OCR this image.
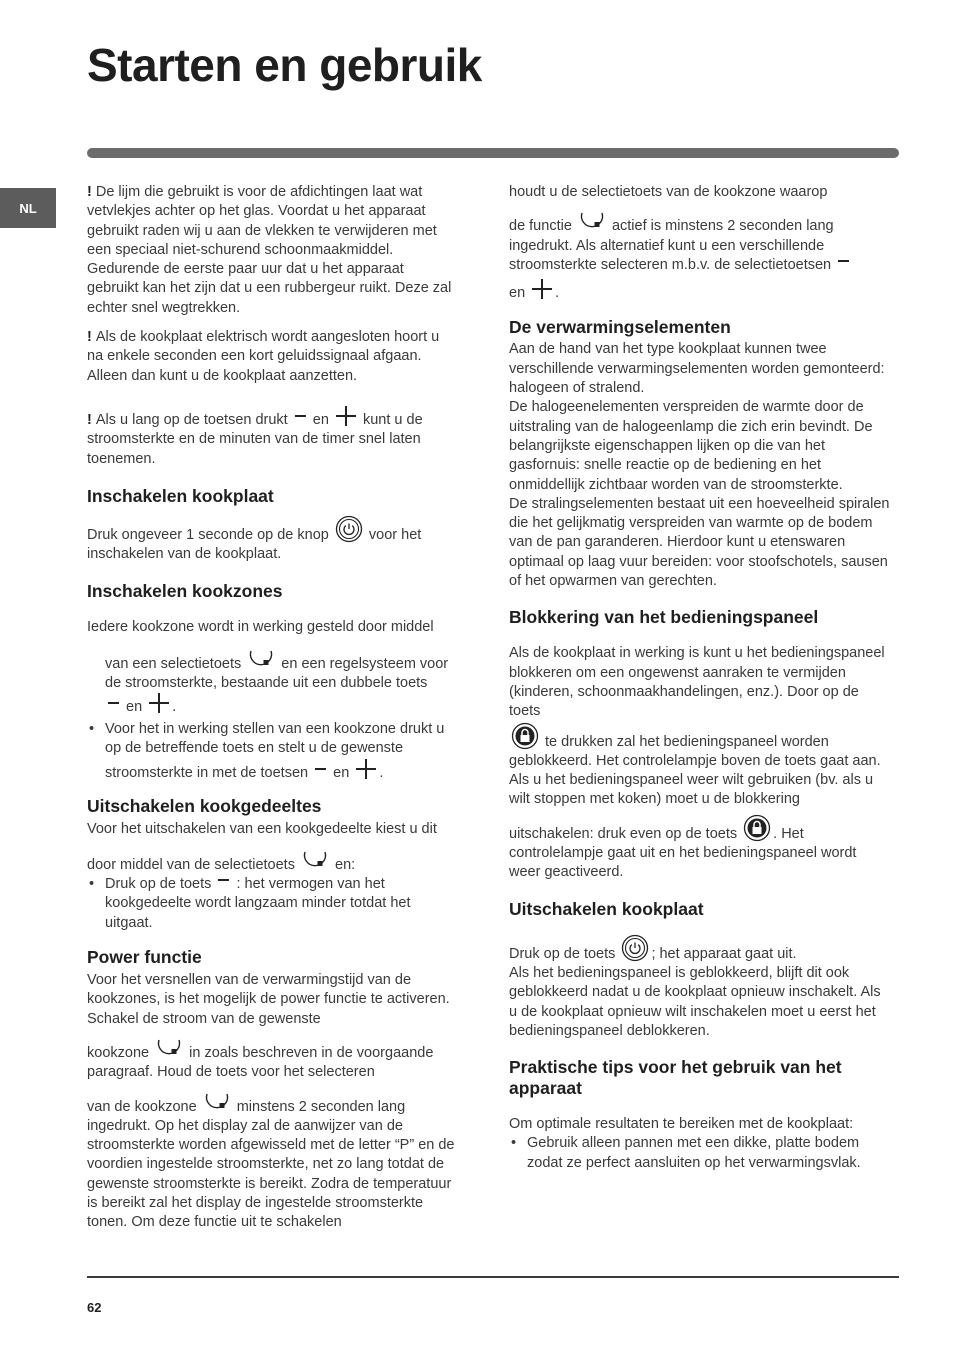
Starten en gebruik
NL

! De lijm die gebruikt is voor de afdichtingen laat wat vetvlekjes achter op het glas. Voordat u het apparaat gebruikt raden wij u aan de vlekken te verwijderen met een speciaal niet-schurend schoonmaakmiddel. Gedurende de eerste paar uur dat u het apparaat gebruikt kan het zijn dat u een rubbergeur ruikt. Deze zal echter snel wegtrekken.

! Als de kookplaat elektrisch wordt aangesloten hoort u na enkele seconden een kort geluidssignaal afgaan. Alleen dan kunt u de kookplaat aanzetten.

! Als u lang op de toetsen drukt en kunt u de stroomsterkte en de minuten van de timer snel laten toenemen.

Inschakelen kookplaat

Druk ongeveer 1 seconde op de knop	voor het inschakelen van de kookplaat.

Inschakelen kookzones

Iedere kookzone wordt in werking gesteld door middel

van een selectietoets	en een regelsysteem voor de stroomsterkte, bestaande uit een dubbele toets

en .

• Voor het in werking stellen van een kookzone drukt u op de betreffende toets en stelt u de gewenste
stroomsterkte in met de toetsen en .
Uitschakelen kookgedeeltes

Voor het uitschakelen van een kookgedeelte kiest u dit

door middel van de selectietoets	en:

• Druk op de toets : het vermogen van het kookgedeelte wordt langzaam minder totdat het uitgaat.
Power functie

Voor het versnellen van de verwarmingstijd van de kookzones, is het mogelijk de power functie te activeren. Schakel de stroom van de gewenste

kookzone	in zoals beschreven in de voorgaande paragraaf. Houd de toets voor het selecteren

van de kookzone	minstens 2 seconden lang ingedrukt. Op het display zal de aanwijzer van de stroomsterkte worden afgewisseld met de letter “P” en de voordien ingestelde stroomsterkte, net zo lang totdat de gewenste stroomsterkte is bereikt. Zodra de temperatuur is bereikt zal het display de ingestelde stroomsterkte tonen. Om deze functie uit te schakelen

houdt u de selectietoets van de kookzone waarop

de functie	actief is minstens 2 seconden lang ingedrukt. Als alternatief kunt u een verschillende stroomsterkte selecteren m.b.v. de selectietoetsen

en .

De verwarmingselementen

Aan de hand van het type kookplaat kunnen twee verschillende verwarmingselementen worden gemonteerd: halogeen of stralend.

De halogeenelementen verspreiden de warmte door de uitstraling van de halogeenlamp die zich erin bevindt. De belangrijkste eigenschappen lijken op die van het gasfornuis: snelle reactie op de bediening en het onmiddellijk zichtbaar worden van de stroomsterkte.

De stralingselementen bestaat uit een hoeveelheid spiralen die het gelijkmatig verspreiden van warmte op de bodem van de pan garanderen. Hierdoor kunt u etenswaren optimaal op laag vuur bereiden: voor stoofschotels, sausen of het opwarmen van gerechten.

Blokkering van het bedieningspaneel

Als de kookplaat in werking is kunt u het bedieningspaneel blokkeren om een ongewenst aanraken te vermijden (kinderen, schoonmaakhandelingen, enz.). Door op de toets
te drukken zal het bedieningspaneel worden geblokkeerd. Het controlelampje boven de toets gaat aan.

Als u het bedieningspaneel weer wilt gebruiken (bv. als u wilt stoppen met koken) moet u de blokkering

uitschakelen: druk even op de toets . Het controlelampje gaat uit en het bedieningspaneel wordt weer geactiveerd.

Uitschakelen kookplaat

Druk op de toets ; het apparaat gaat uit.

Als het bedieningspaneel is geblokkeerd, blijft dit ook geblokkeerd nadat u de kookplaat opnieuw inschakelt. Als u de kookplaat opnieuw wilt inschakelen moet u eerst het bedieningspaneel deblokkeren.

Praktische tips voor het gebruik van het apparaat

Om optimale resultaten te bereiken met de kookplaat:

• Gebruik alleen pannen met een dikke, platte bodem zodat ze perfect aansluiten op het verwarmingsvlak.
62
